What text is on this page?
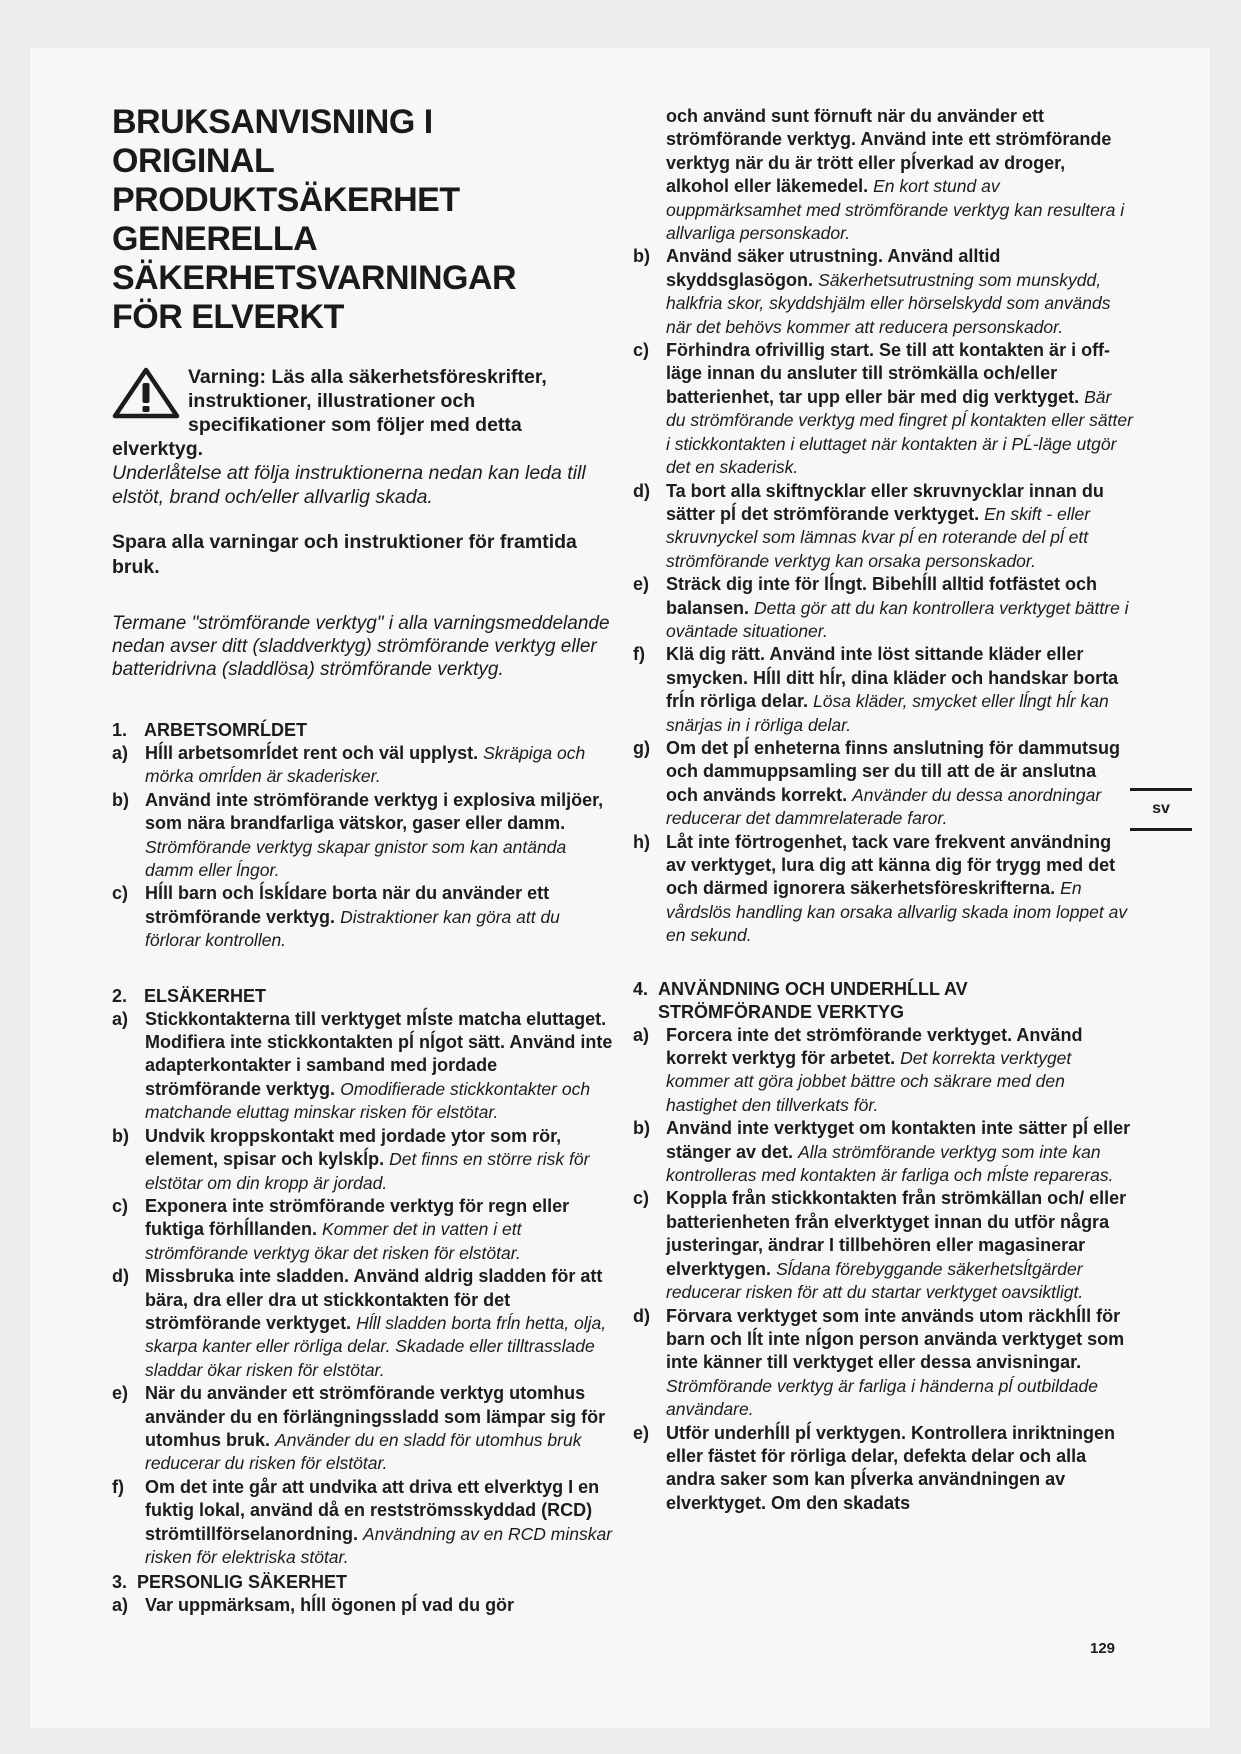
BRUKSANVISNING I
ORIGINAL
PRODUKTSÄKERHET
GENERELLA
SÄKERHETSVARNINGAR
FÖR ELVERKT
Varning: Läs alla säkerhetsföreskrifter, instruktioner, illustrationer och specifikationer som följer med detta elverktyg.
Underlåtelse att följa instruktionerna nedan kan leda till elstöt, brand och/eller allvarlig skada.
Spara alla varningar och instruktioner för framtida bruk.
Termane "strömförande verktyg" i alla varningsmeddelande nedan avser ditt (sladdverktyg) strömförande verktyg eller batteridrivna (sladdlösa) strömförande verktyg.
1. ARBETSOMRĹDET
a) Hĺll arbetsomrĺdet rent och väl upplyst. Skräpiga och mörka omrĺden är skaderisker.
b) Använd inte strömförande verktyg i explosiva miljöer, som nära brandfarliga vätskor, gaser eller damm. Strömförande verktyg skapar gnistor som kan antända damm eller ĺngor.
c) Hĺll barn och ĺskĺdare borta när du använder ett strömförande verktyg. Distraktioner kan göra att du förlorar kontrollen.
2. ELSÄKERHET
a) Stickkontakterna till verktyget mĺste matcha eluttaget. Modifiera inte stickkontakten pĺ nĺgot sätt. Använd inte adapterkontakter i samband med jordade strömförande verktyg. Omodifierade stickkontakter och matchande eluttag minskar risken för elstötar.
b) Undvik kroppskontakt med jordade ytor som rör, element, spisar och kylskĺp. Det finns en större risk för elstötar om din kropp är jordad.
c) Exponera inte strömförande verktyg för regn eller fuktiga förhĺllanden. Kommer det in vatten i ett strömförande verktyg ökar det risken för elstötar.
d) Missbruka inte sladden. Använd aldrig sladden för att bära, dra eller dra ut stickkontakten för det strömförande verktyget. Hĺll sladden borta frĺn hetta, olja, skarpa kanter eller rörliga delar. Skadade eller tilltrasslade sladdar ökar risken för elstötar.
e) När du använder ett strömförande verktyg utomhus använder du en förlängningssladd som lämpar sig för utomhus bruk. Använder du en sladd för utomhus bruk reducerar du risken för elstötar.
f)	Om det inte går att undvika att driva ett elverktyg I en fuktig lokal, använd då en restströmsskyddad (RCD) strömtillförselanordning. Användning av en RCD minskar risken för elektriska stötar.
3. PERSONLIG SÄKERHET
a) Var uppmärksam, hĺll ögonen pĺ vad du gör
och använd sunt förnuft när du använder ett strömförande verktyg. Använd inte ett strömförande verktyg när du är trött eller pĺverkad av droger, alkohol eller läkemedel. En kort stund av ouppmärksamhet med strömförande verktyg kan resultera i allvarliga personskador.
b) Använd säker utrustning. Använd alltid skyddsglasögon. Säkerhetsutrustning som munskydd, halkfria skor, skyddshjälm eller hörselskydd som används när det behövs kommer att reducera personskador.
c) Förhindra ofrivillig start. Se till att kontakten är i off-läge innan du ansluter till strömkälla och/eller batterienhet, tar upp eller bär med dig verktyget. Bär du strömförande verktyg med fingret pĺ kontakten eller sätter i stickkontakten i eluttaget när kontakten är i PĹ-läge utgör det en skaderisk.
d) Ta bort alla skiftnycklar eller skruvnycklar innan du sätter pĺ det strömförande verktyget. En skift - eller skruvnyckel som lämnas kvar pĺ en roterande del pĺ ett strömförande verktyg kan orsaka personskador.
e) Sträck dig inte för lĺngt. Bibehĺll alltid fotfästet och balansen. Detta gör att du kan kontrollera verktyget bättre i oväntade situationer.
f)	Klä dig rätt. Använd inte löst sittande kläder eller smycken. Hĺll ditt hĺr, dina kläder och handskar borta frĺn rörliga delar. Lösa kläder, smycket eller lĺngt hĺr kan snärjas in i rörliga delar.
g) Om det pĺ enheterna finns anslutning för dammutsug och dammuppsamling ser du till att de är anslutna och används korrekt. Använder du dessa anordningar reducerar det dammrelaterade faror.
h) Låt inte förtrogenhet, tack vare frekvent användning av verktyget, lura dig att känna dig för trygg med det och därmed ignorera säkerhetsföreskrifterna. En vårdslös handling kan orsaka allvarlig skada inom loppet av en sekund.
4. ANVÄNDNING OCH UNDERHĹLL AV STRÖMFÖRANDE VERKTYG
a) Forcera inte det strömförande verktyget. Använd korrekt verktyg för arbetet. Det korrekta verktyget kommer att göra jobbet bättre och säkrare med den hastighet den tillverkats för.
b) Använd inte verktyget om kontakten inte sätter pĺ eller stänger av det. Alla strömförande verktyg som inte kan kontrolleras med kontakten är farliga och mĺste repareras.
c) Koppla från stickkontakten från strömkällan och/ eller batterienheten från elverktyget innan du utför några justeringar, ändrar I tillbehören eller magasinerar elverktygen. Sĺdana förebyggande säkerhetsĺtgärder reducerar risken för att du startar verktyget oavsiktligt.
d) Förvara verktyget som inte används utom räckhĺll för barn och lĺt inte nĺgon person använda verktyget som inte känner till verktyget eller dessa anvisningar. Strömförande verktyg är farliga i händerna pĺ outbildade användare.
e) Utför underhĺll pĺ verktygen. Kontrollera inriktningen eller fästet för rörliga delar, defekta delar och alla andra saker som kan pĺverka användningen av elverktyget. Om den skadats
sv
129
